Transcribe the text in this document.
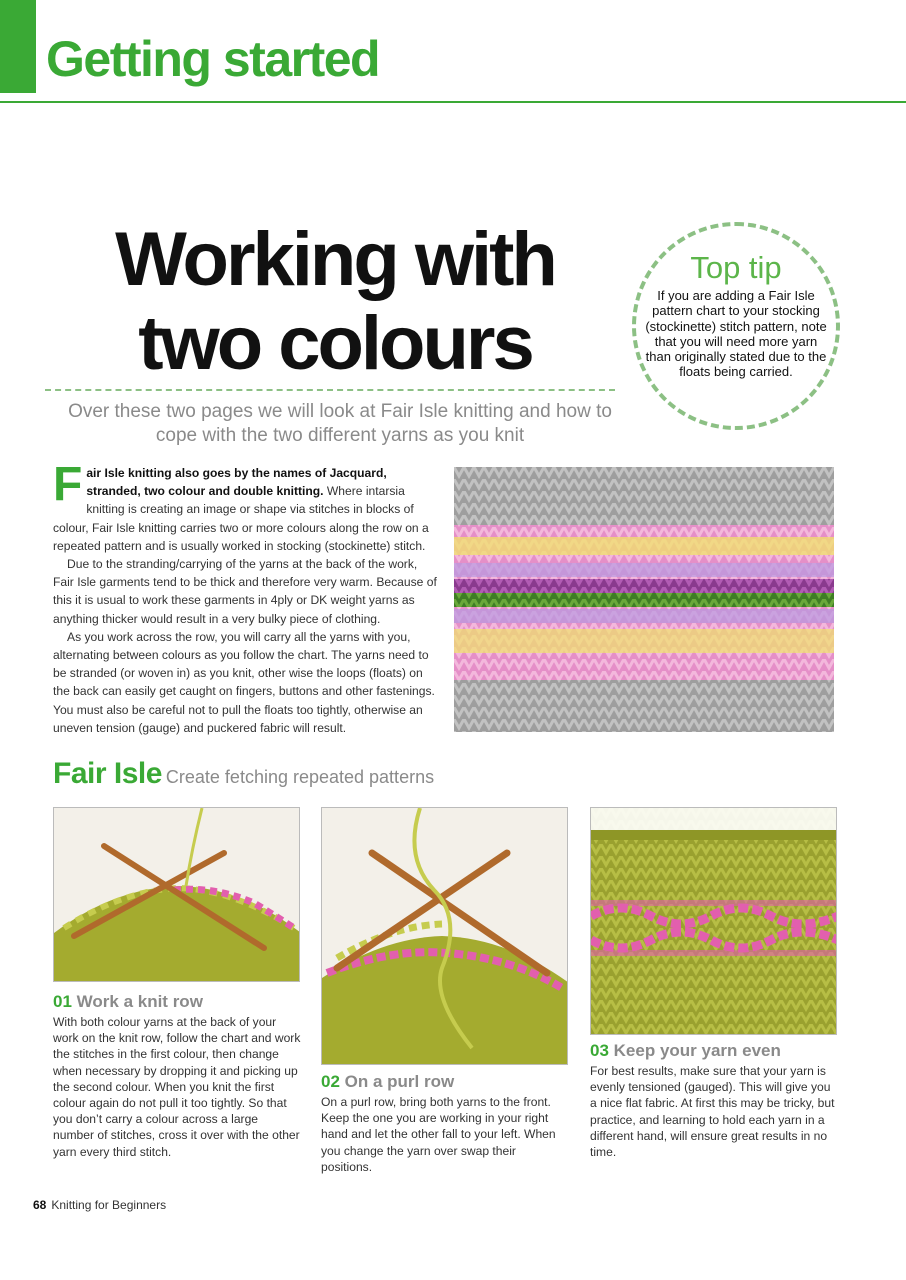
Getting started
Working with
two colours
Over these two pages we will look at Fair Isle knitting and how to cope with the two different yarns as you knit
Top tip
If you are adding a Fair Isle pattern chart to your stocking (stockinette) stitch pattern, note that you will need more yarn than originally stated due to the floats being carried.

Fair Isle knitting also goes by the names of Jacquard, stranded, two colour and double knitting. Where intarsia knitting is creating an image or shape via stitches in blocks of colour, Fair Isle knitting carries two or more colours along the row on a repeated pattern and is usually worked in stocking (stockinette) stitch.

Due to the stranding/carrying of the yarns at the back of the work, Fair Isle garments tend to be thick and therefore very warm. Because of this it is usual to work these garments in 4ply or DK weight yarns as anything thicker would result in a very bulky piece of clothing.

As you work across the row, you will carry all the yarns with you, alternating between colours as you follow the chart. The yarns need to be stranded (or woven in) as you knit, other wise the loops (floats) on the back can easily get caught on fingers, buttons and other fastenings. You must also be careful not to pull the floats too tightly, otherwise an uneven tension (gauge) and puckered fabric will result.

Fair Isle Create fetching repeated patterns
01 Work a knit row
With both colour yarns at the back of your work on the knit row, follow the chart and work the stitches in the first colour, then change when necessary by dropping it and picking up the second colour. When you knit the first colour again do not pull it too tightly. So that you don’t carry a colour across a large number of stitches, cross it over with the other yarn every third stitch.
02 On a purl row
On a purl row, bring both yarns to the front. Keep the one you are working in your right hand and let the other fall to your left. When you change the yarn over swap their positions.
03 Keep your yarn even
For best results, make sure that your yarn is evenly tensioned (gauged). This will give you a nice flat fabric. At first this may be tricky, but practice, and learning to hold each yarn in a different hand, will ensure great results in no time.
68 Knitting for Beginners
